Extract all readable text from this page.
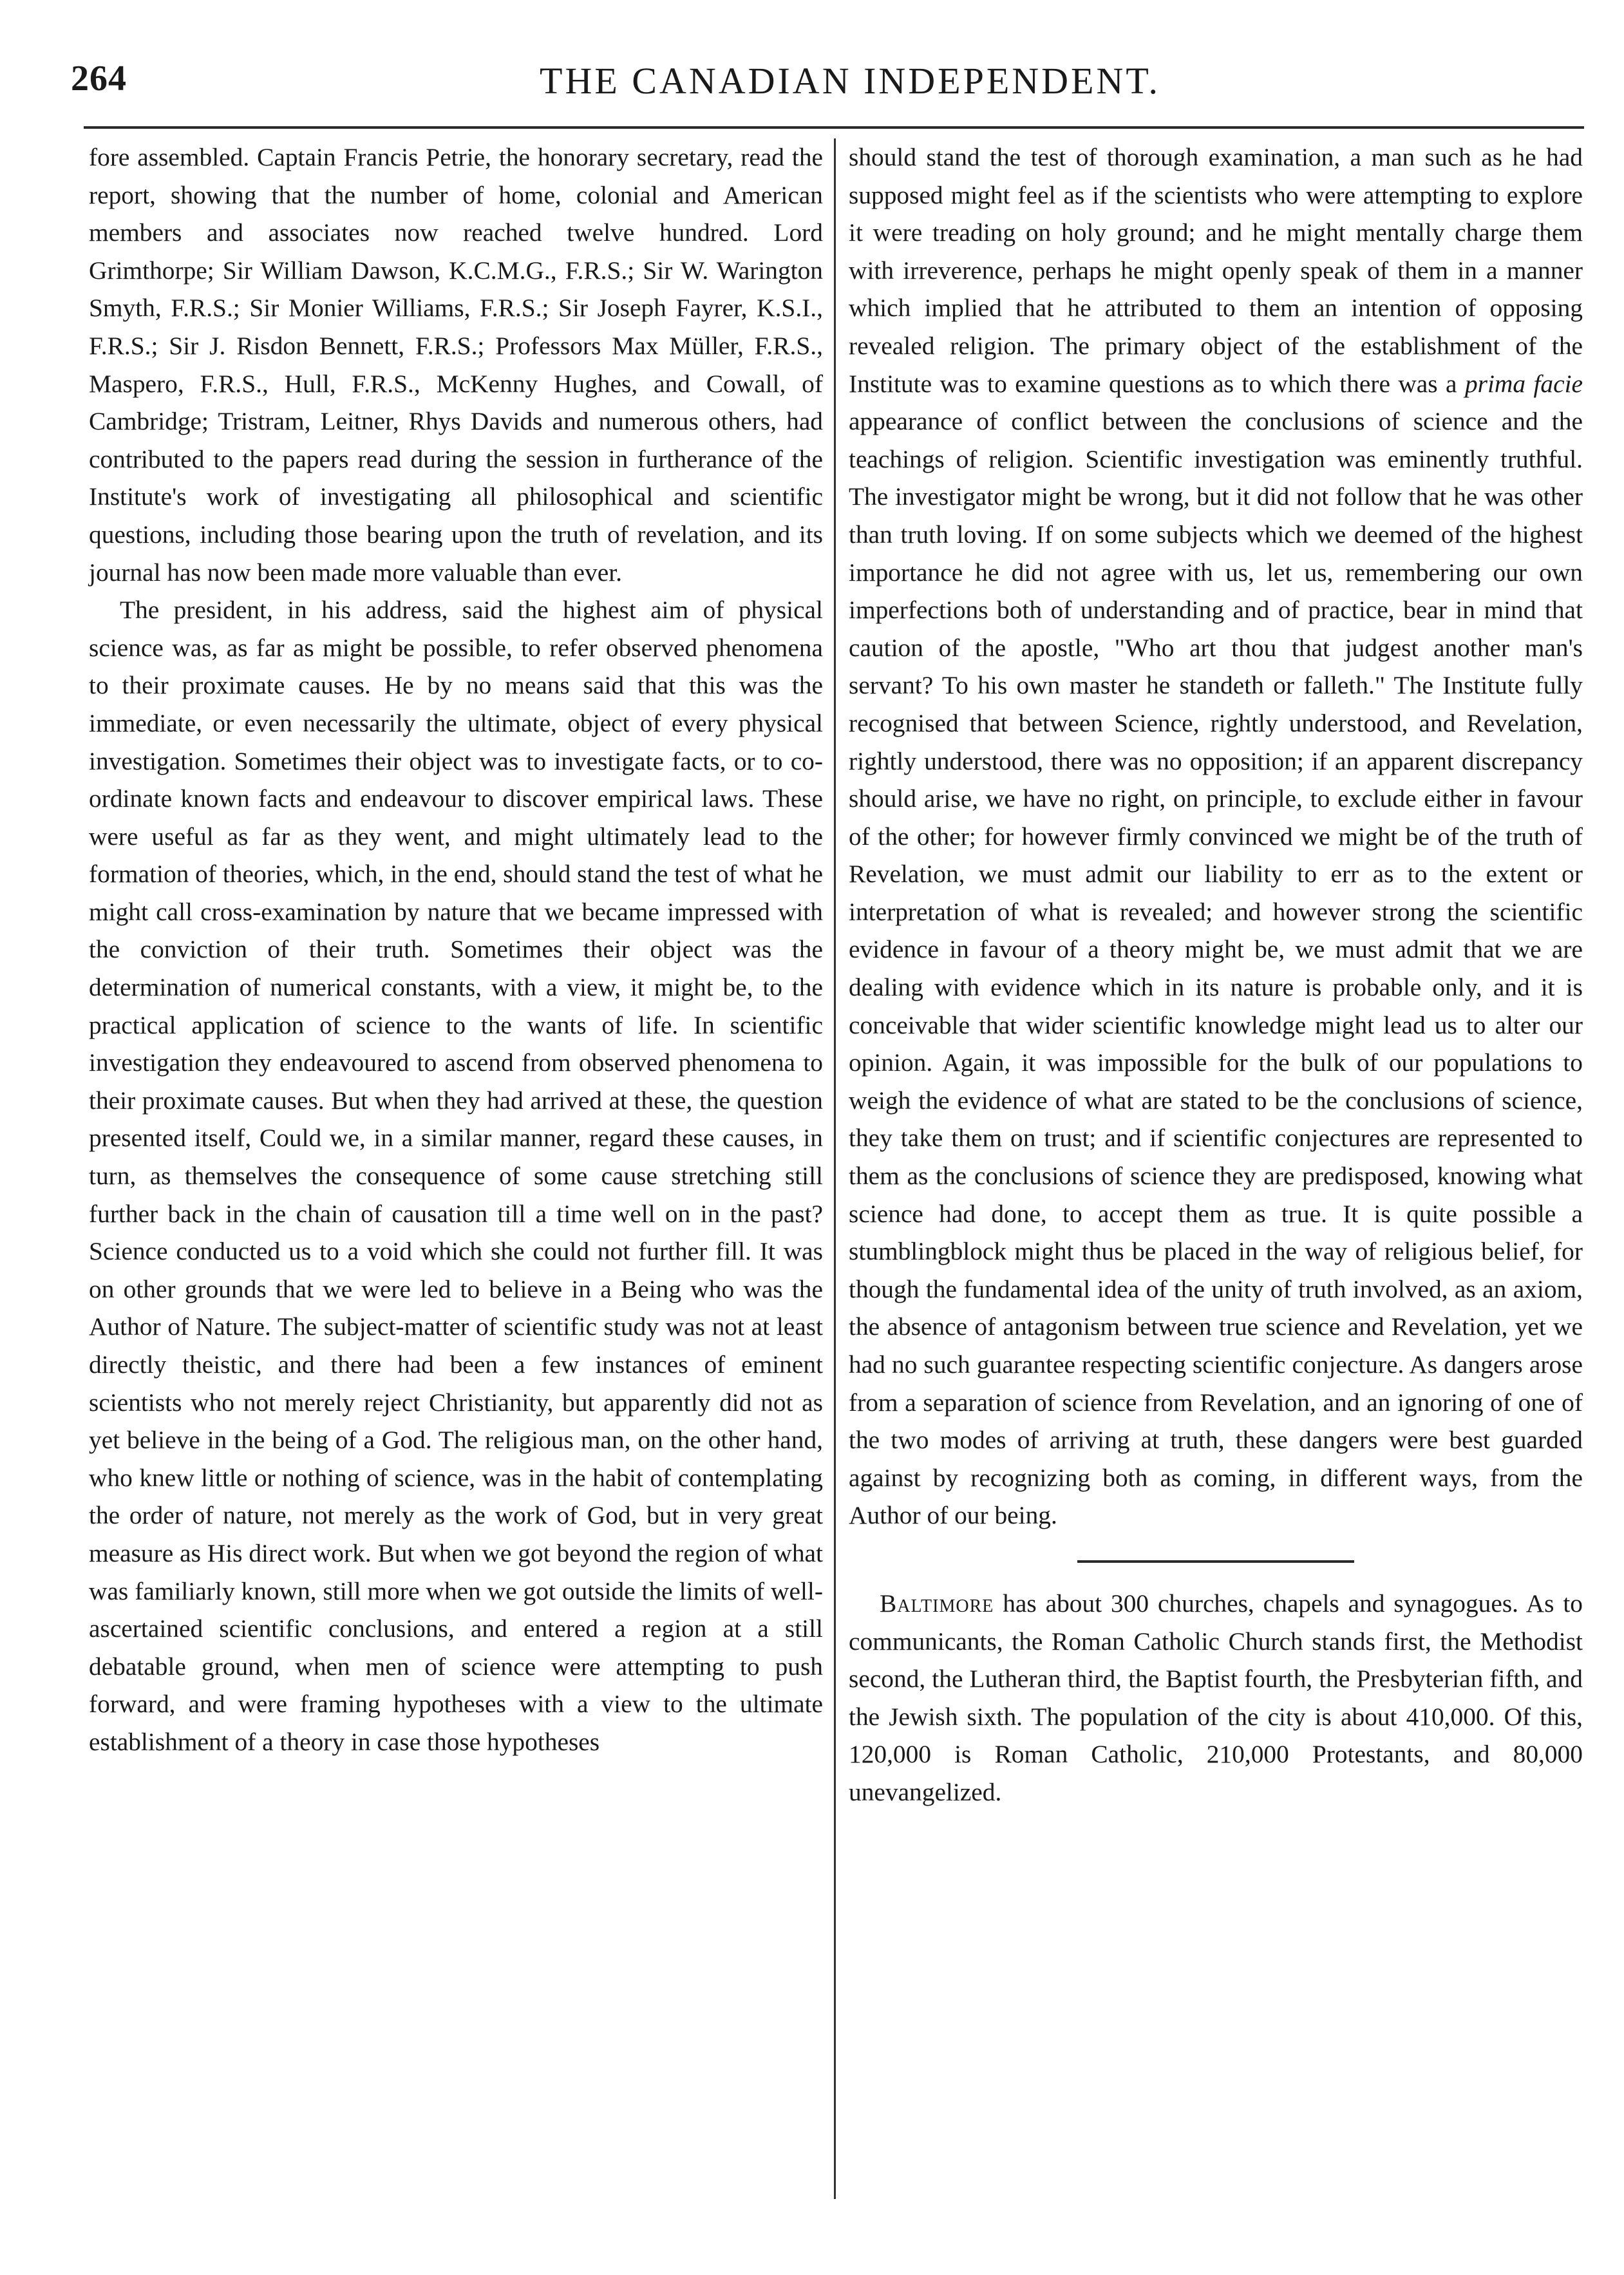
264	THE CANADIAN INDEPENDENT.

fore assembled. Captain Francis Petrie, the honorary secretary, read the report, showing that the number of home, colonial and American members and associates now reached twelve hundred. Lord Grimthorpe; Sir William Dawson, K.C.M.G., F.R.S.; Sir W. Warington Smyth, F.R.S.; Sir Monier Williams, F.R.S.; Sir Joseph Fayrer, K.S.I., F.R.S.; Sir J. Risdon Bennett, F.R.S.; Professors Max Müller, F.R.S., Maspero, F.R.S., Hull, F.R.S., McKenny Hughes, and Cowall, of Cambridge; Tristram, Leitner, Rhys Davids and numerous others, had contributed to the papers read during the session in furtherance of the Institute's work of investigating all philosophical and scientific questions, including those bearing upon the truth of revelation, and its journal has now been made more valuable than ever.

The president, in his address, said the highest aim of physical science was, as far as might be possible, to refer observed phenomena to their proximate causes. He by no means said that this was the immediate, or even necessarily the ultimate, object of every physical investigation. Sometimes their object was to investigate facts, or to co-ordinate known facts and endeavour to discover empirical laws. These were useful as far as they went, and might ultimately lead to the formation of theories, which, in the end, should stand the test of what he might call cross-examination by nature that we became impressed with the conviction of their truth. Sometimes their object was the determination of numerical constants, with a view, it might be, to the practical application of science to the wants of life. In scientific investigation they endeavoured to ascend from observed phenomena to their proximate causes. But when they had arrived at these, the question presented itself, Could we, in a similar manner, regard these causes, in turn, as themselves the consequence of some cause stretching still further back in the chain of causation till a time well on in the past? Science conducted us to a void which she could not further fill. It was on other grounds that we were led to believe in a Being who was the Author of Nature. The subject-matter of scientific study was not at least directly theistic, and there had been a few instances of eminent scientists who not merely reject Christianity, but apparently did not as yet believe in the being of a God. The religious man, on the other hand, who knew little or nothing of science, was in the habit of contemplating the order of nature, not merely as the work of God, but in very great measure as His direct work. But when we got beyond the region of what was familiarly known, still more when we got outside the limits of well-ascertained scientific conclusions, and entered a region at a still debatable ground, when men of science were attempting to push forward, and were framing hypotheses with a view to the ultimate establishment of a theory in case those hypotheses

should stand the test of thorough examination, a man such as he had supposed might feel as if the scientists who were attempting to explore it were treading on holy ground; and he might mentally charge them with irreverence, perhaps he might openly speak of them in a manner which implied that he attributed to them an intention of opposing revealed religion. The primary object of the establishment of the Institute was to examine questions as to which there was a prima facie appearance of conflict between the conclusions of science and the teachings of religion. Scientific investigation was eminently truthful. The investigator might be wrong, but it did not follow that he was other than truth loving. If on some subjects which we deemed of the highest importance he did not agree with us, let us, remembering our own imperfections both of understanding and of practice, bear in mind that caution of the apostle, "Who art thou that judgest another man's servant? To his own master he standeth or falleth." The Institute fully recognised that between Science, rightly understood, and Revelation, rightly understood, there was no opposition; if an apparent discrepancy should arise, we have no right, on principle, to exclude either in favour of the other; for however firmly convinced we might be of the truth of Revelation, we must admit our liability to err as to the extent or interpretation of what is revealed; and however strong the scientific evidence in favour of a theory might be, we must admit that we are dealing with evidence which in its nature is probable only, and it is conceivable that wider scientific knowledge might lead us to alter our opinion. Again, it was impossible for the bulk of our populations to weigh the evidence of what are stated to be the conclusions of science, they take them on trust; and if scientific conjectures are represented to them as the conclusions of science they are predisposed, knowing what science had done, to accept them as true. It is quite possible a stumblingblock might thus be placed in the way of religious belief, for though the fundamental idea of the unity of truth involved, as an axiom, the absence of antagonism between true science and Revelation, yet we had no such guarantee respecting scientific conjecture. As dangers arose from a separation of science from Revelation, and an ignoring of one of the two modes of arriving at truth, these dangers were best guarded against by recognizing both as coming, in different ways, from the Author of our being.

Baltimore has about 300 churches, chapels and synagogues. As to communicants, the Roman Catholic Church stands first, the Methodist second, the Lutheran third, the Baptist fourth, the Presbyterian fifth, and the Jewish sixth. The population of the city is about 410,000. Of this, 120,000 is Roman Catholic, 210,000 Protestants, and 80,000 unevangelized.
